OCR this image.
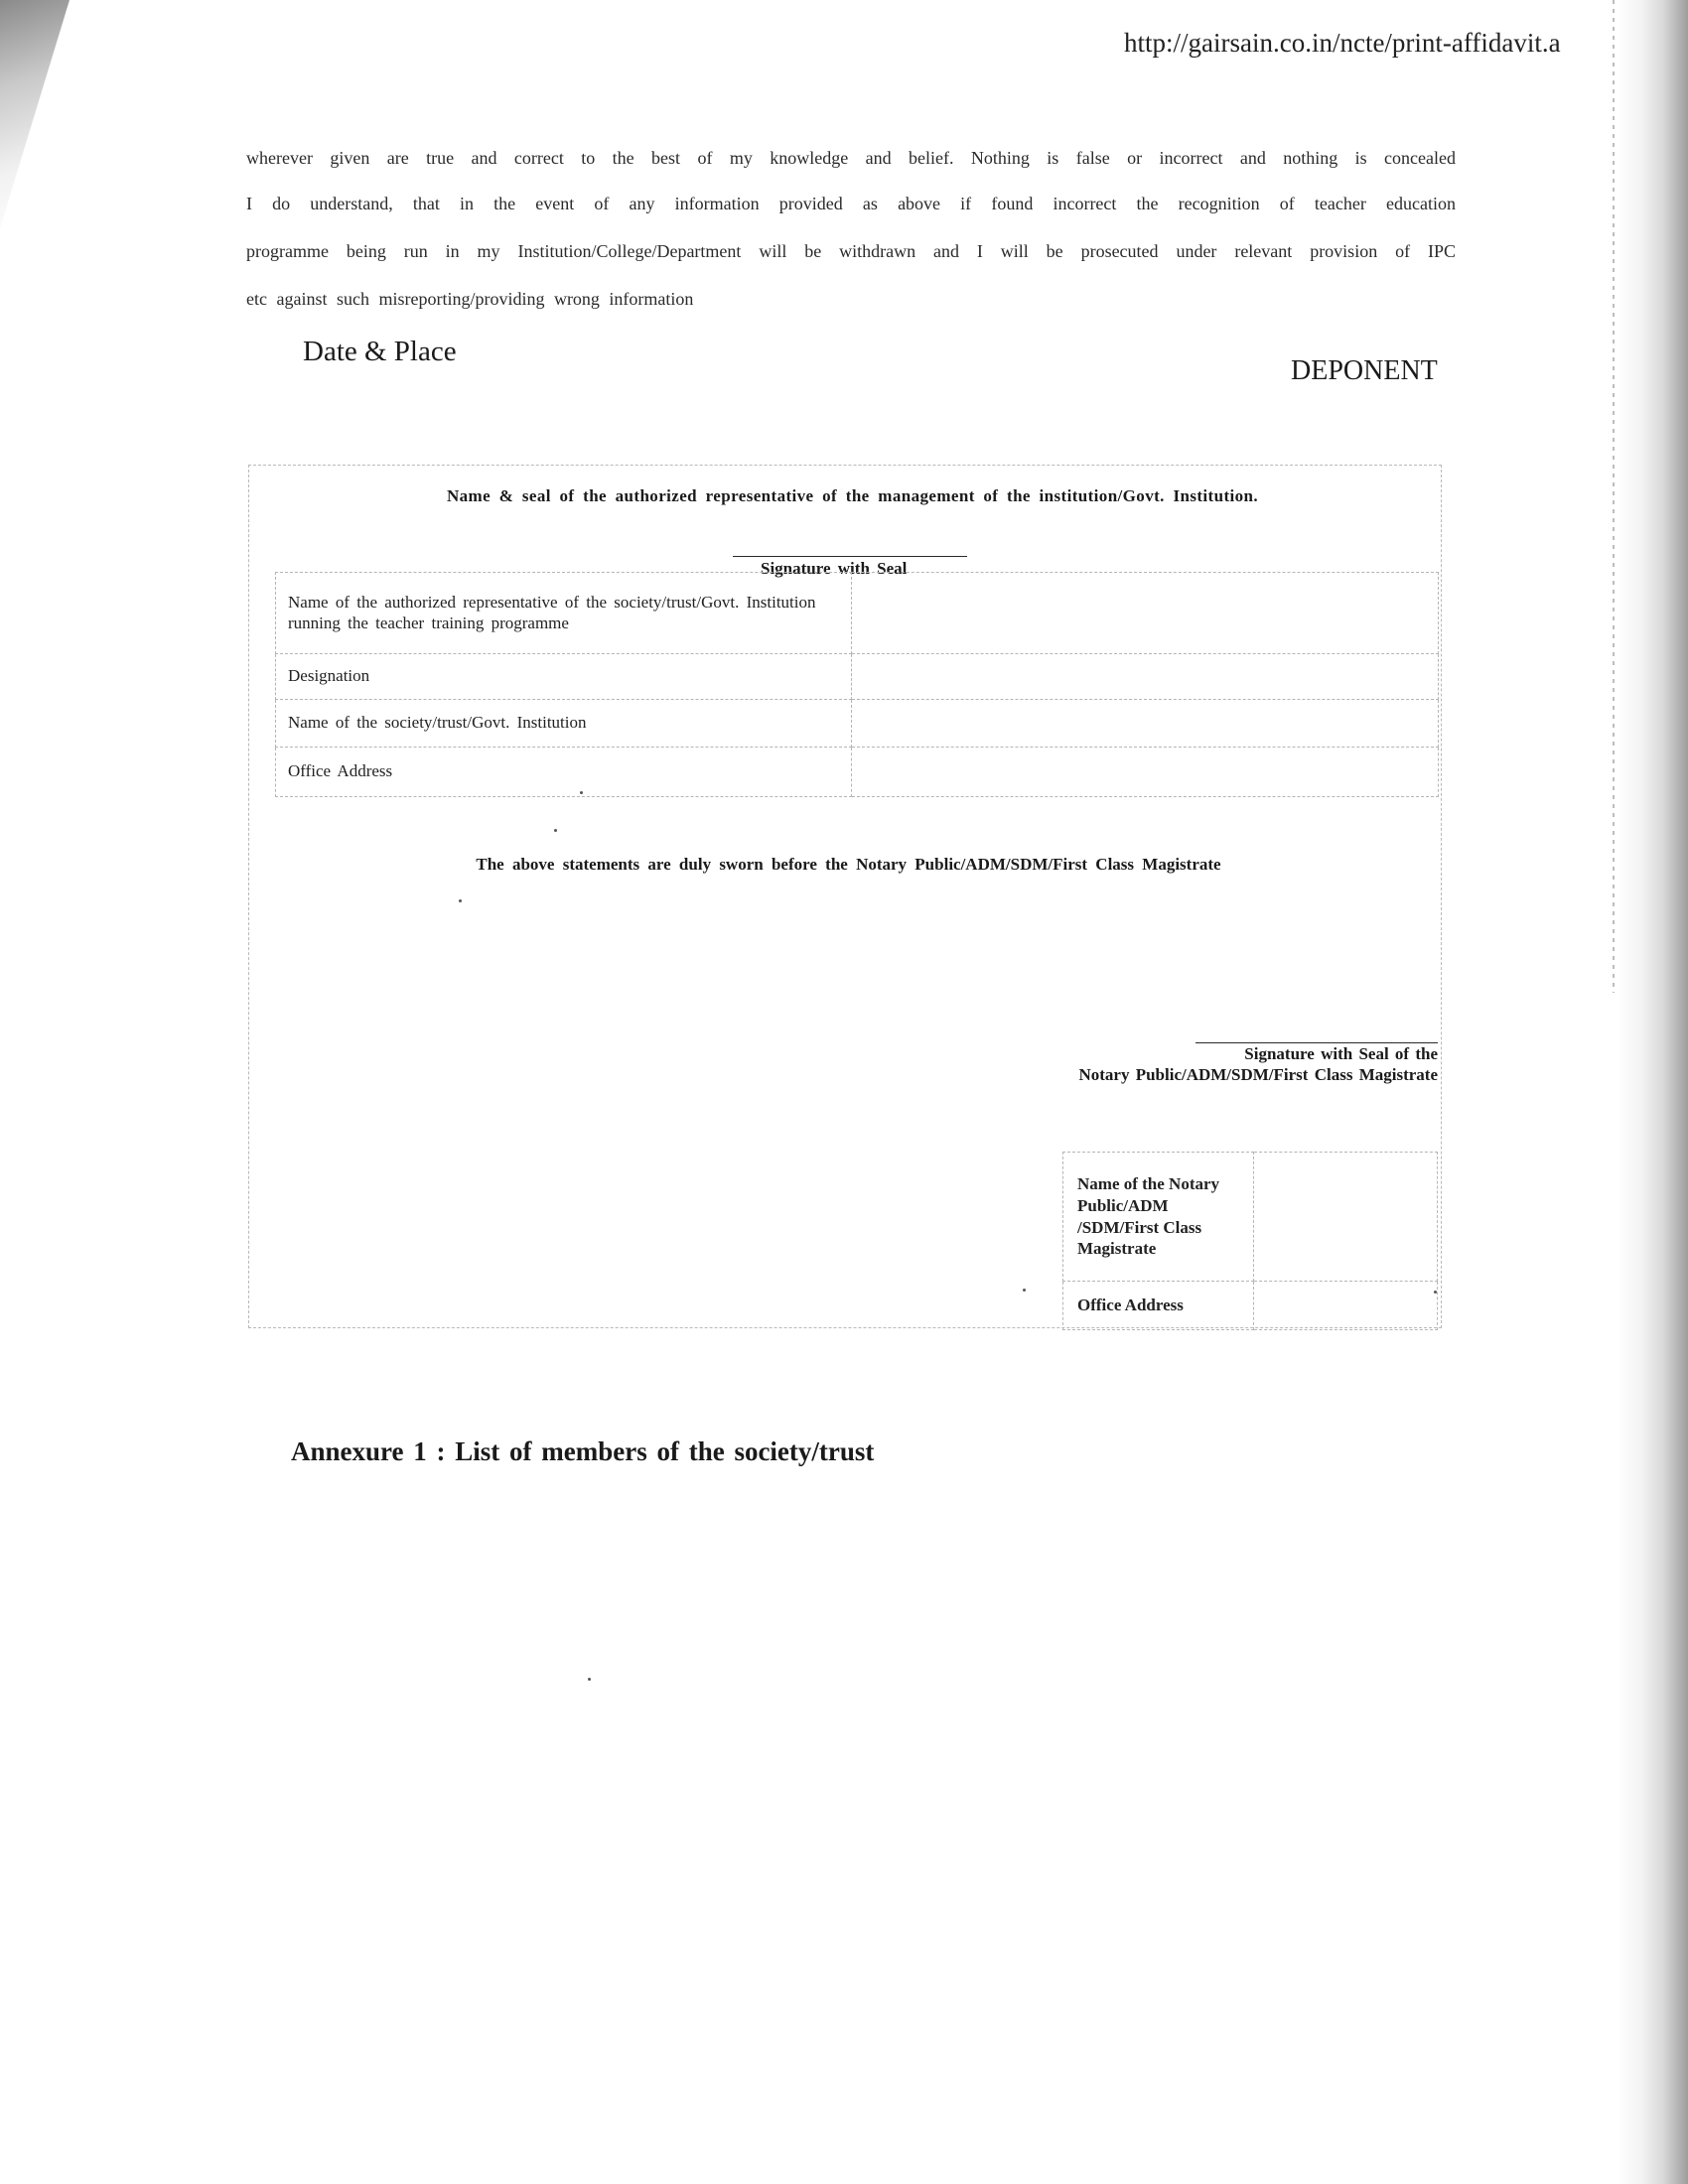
http://gairsain.co.in/ncte/print-affidavit.a
wherever given are true and correct to the best of my knowledge and belief. Nothing is false or incorrect and nothing is concealed
I do understand, that in the event of any information provided as above if found incorrect the recognition of teacher education
programme being run in my Institution/College/Department will be withdrawn and I will be prosecuted under relevant provision of IPC
etc against such misreporting/providing wrong information
Date & Place
DEPONENT
Name & seal of the authorized representative of the management of the institution/Govt. Institution.
Signature with Seal
Name of the authorized representative of the society/trust/Govt. Institution running the teacher training programme	
Designation	
Name of the society/trust/Govt. Institution	
Office Address	
The above statements are duly sworn before the Notary Public/ADM/SDM/First Class Magistrate
Signature with Seal of the
Notary Public/ADM/SDM/First Class Magistrate
Name of the Notary Public/ADM /SDM/First Class Magistrate	
Office Address	
Annexure 1 : List of members of the society/trust
